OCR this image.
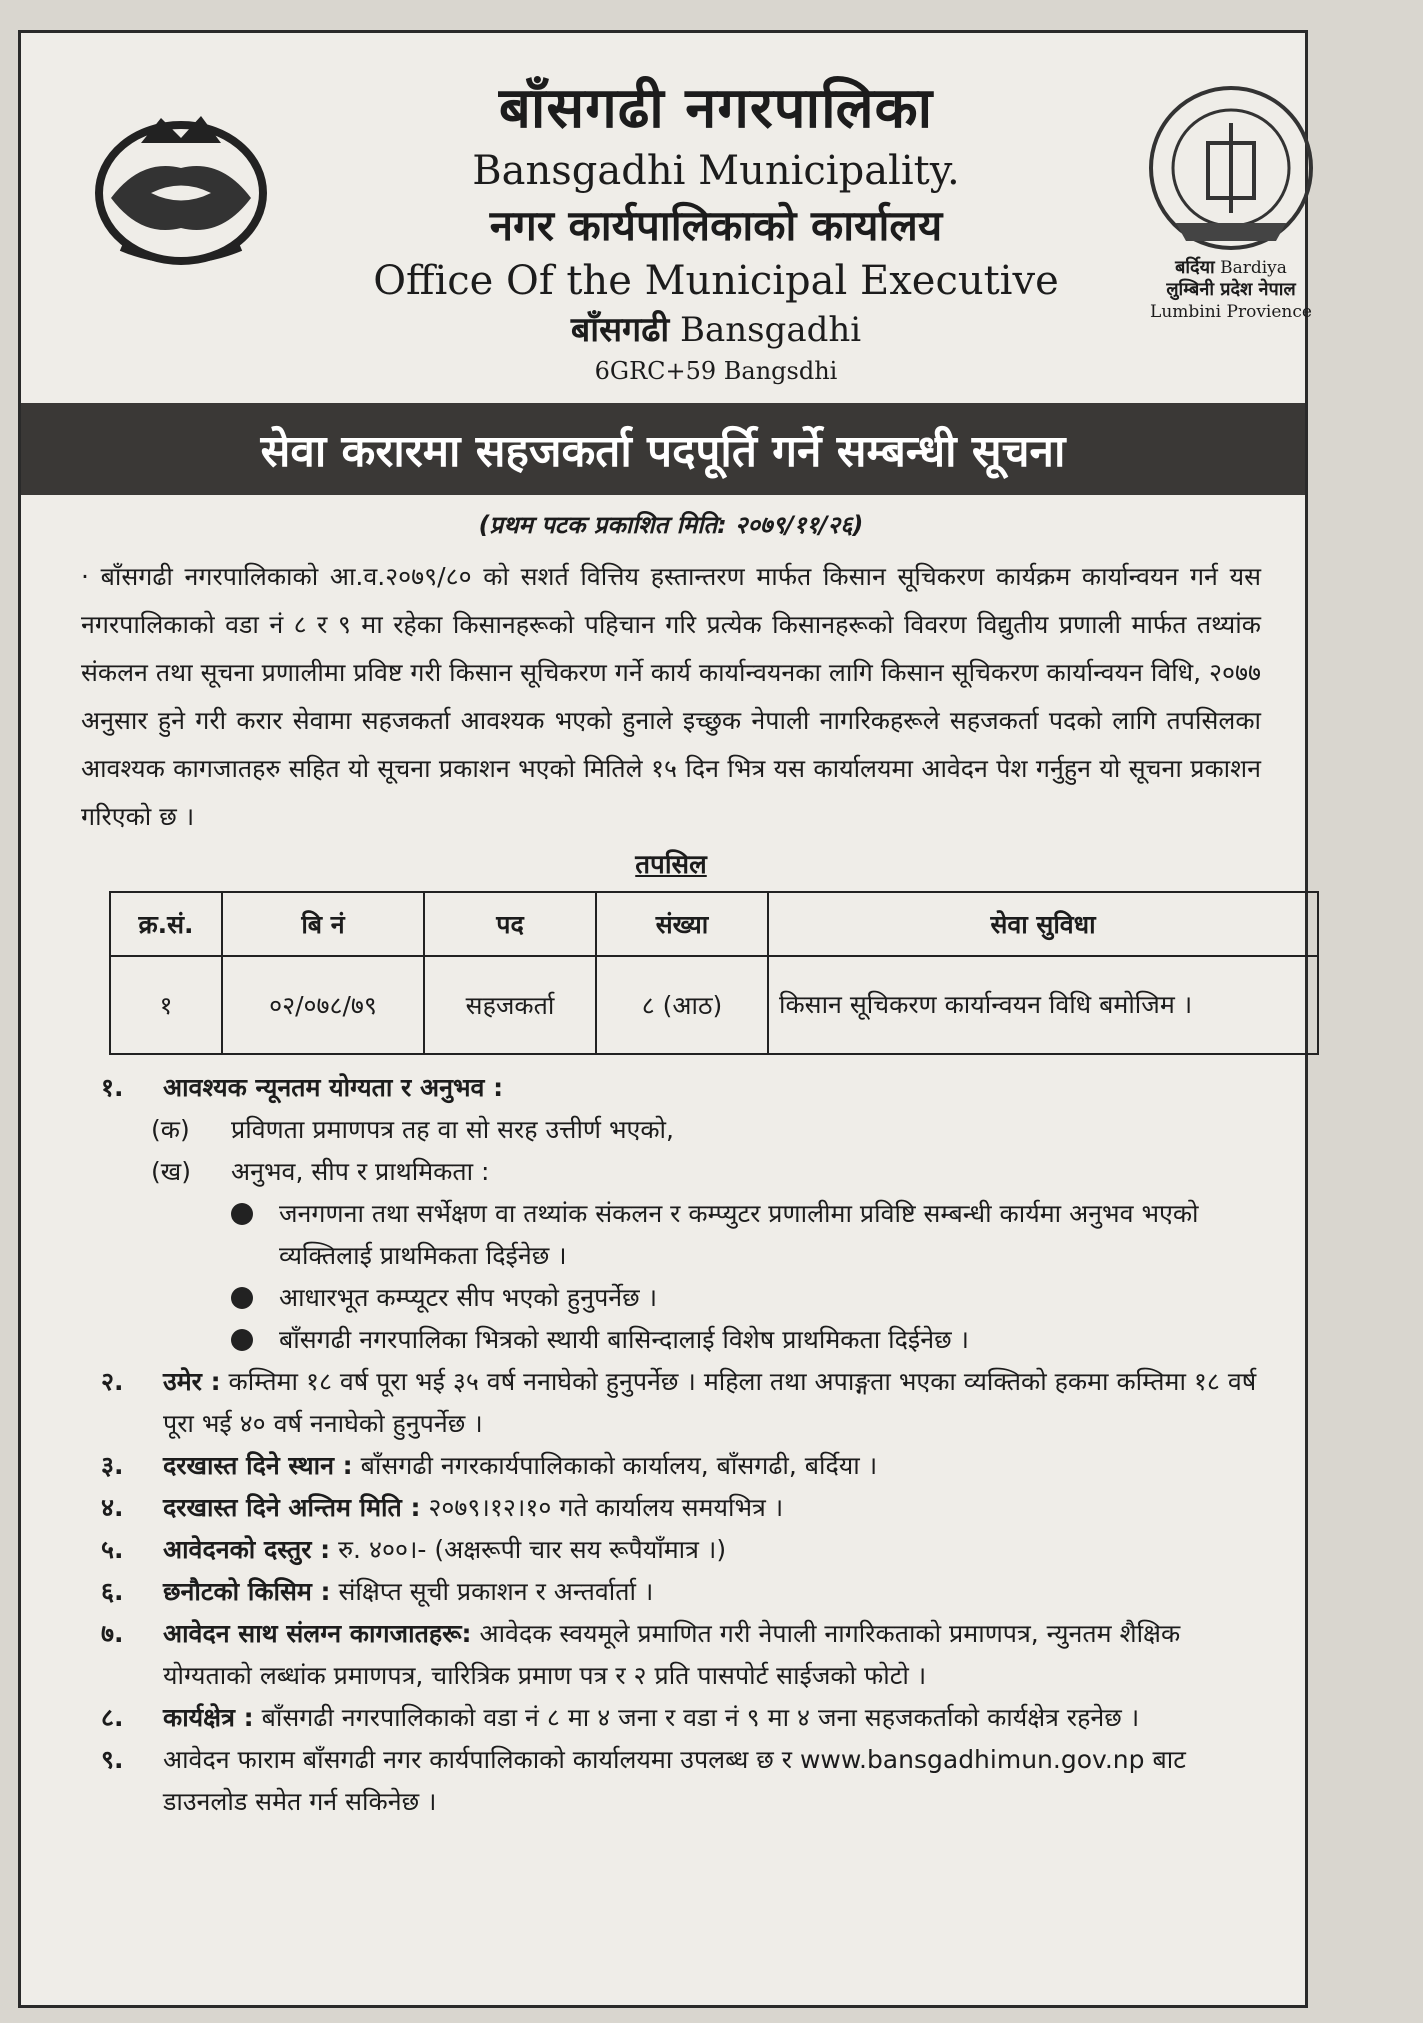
बाँसगढी नगरपालिका
Bansgadhi Municipality.
नगर कार्यपालिकाको कार्यालय
Office Of the Municipal Executive
बाँसगढी Bansgadhi
6GRC+59 Bangsdhi
बर्दिया Bardiya
लुम्बिनी प्रदेश नेपाल
Lumbini Provience
सेवा करारमा सहजकर्ता पदपूर्ति गर्ने सम्बन्धी सूचना
(प्रथम पटक प्रकाशित मिति: २०७९/११/२६)

· बाँसगढी नगरपालिकाको आ.व.२०७९/८० को सशर्त वित्तिय हस्तान्तरण मार्फत किसान सूचिकरण कार्यक्रम कार्यान्वयन गर्न यस नगरपालिकाको वडा नं ८ र ९ मा रहेका किसानहरूको पहिचान गरि प्रत्येक किसानहरूको विवरण विद्युतीय प्रणाली मार्फत तथ्यांक संकलन तथा सूचना प्रणालीमा प्रविष्ट गरी किसान सूचिकरण गर्ने कार्य कार्यान्वयनका लागि किसान सूचिकरण कार्यान्वयन विधि, २०७७ अनुसार हुने गरी करार सेवामा सहजकर्ता आवश्यक भएको हुनाले इच्छुक नेपाली नागरिकहरूले सहजकर्ता पदको लागि तपसिलका आवश्यक कागजातहरु सहित यो सूचना प्रकाशन भएको मितिले १५ दिन भित्र यस कार्यालयमा आवेदन पेश गर्नुहुन यो सूचना प्रकाशन गरिएको छ ।

तपसिल
क्र.सं.	बि नं	पद	संख्या	सेवा सुविधा
१	०२/०७८/७९	सहजकर्ता	८ (आठ)	किसान सूचिकरण कार्यान्वयन विधि बमोजिम ।
१.	आवश्यक न्यूनतम योग्यता र अनुभव :
(क)	प्रविणता प्रमाणपत्र तह वा सो सरह उत्तीर्ण भएको,
(ख)	अनुभव, सीप र प्राथमिकता :
जनगणना तथा सर्भेक्षण वा तथ्यांक संकलन र कम्प्युटर प्रणालीमा प्रविष्टि सम्बन्धी कार्यमा अनुभव भएको व्यक्तिलाई प्राथमिकता दिईनेछ ।
आधारभूत कम्प्यूटर सीप भएको हुनुपर्नेछ ।
बाँसगढी नगरपालिका भित्रको स्थायी बासिन्दालाई विशेष प्राथमिकता दिईनेछ ।
२.	उमेर : कम्तिमा १८ वर्ष पूरा भई ३५ वर्ष ननाघेको हुनुपर्नेछ । महिला तथा अपाङ्गता भएका व्यक्तिको हकमा कम्तिमा १८ वर्ष पूरा भई ४० वर्ष ननाघेको हुनुपर्नेछ ।
३.	दरखास्त दिने स्थान : बाँसगढी नगरकार्यपालिकाको कार्यालय, बाँसगढी, बर्दिया ।
४.	दरखास्त दिने अन्तिम मिति : २०७९।१२।१० गते कार्यालय समयभित्र ।
५.	आवेदनको दस्तुर : रु. ४००।- (अक्षरूपी चार सय रूपैयाँमात्र ।)
६.	छनौटको किसिम : संक्षिप्त सूची प्रकाशन र अन्तर्वार्ता ।
७.	आवेदन साथ संलग्न कागजातहरू: आवेदक स्वयमूले प्रमाणित गरी नेपाली नागरिकताको प्रमाणपत्र, न्युनतम शैक्षिक योग्यताको लब्धांक प्रमाणपत्र, चारित्रिक प्रमाण पत्र र २ प्रति पासपोर्ट साईजको फोटो ।
८.	कार्यक्षेत्र : बाँसगढी नगरपालिकाको वडा नं ८ मा ४ जना र वडा नं ९ मा ४ जना सहजकर्ताको कार्यक्षेत्र रहनेछ ।
९.	आवेदन फाराम बाँसगढी नगर कार्यपालिकाको कार्यालयमा उपलब्ध छ र www.bansgadhimun.gov.np बाट डाउनलोड समेत गर्न सकिनेछ ।
